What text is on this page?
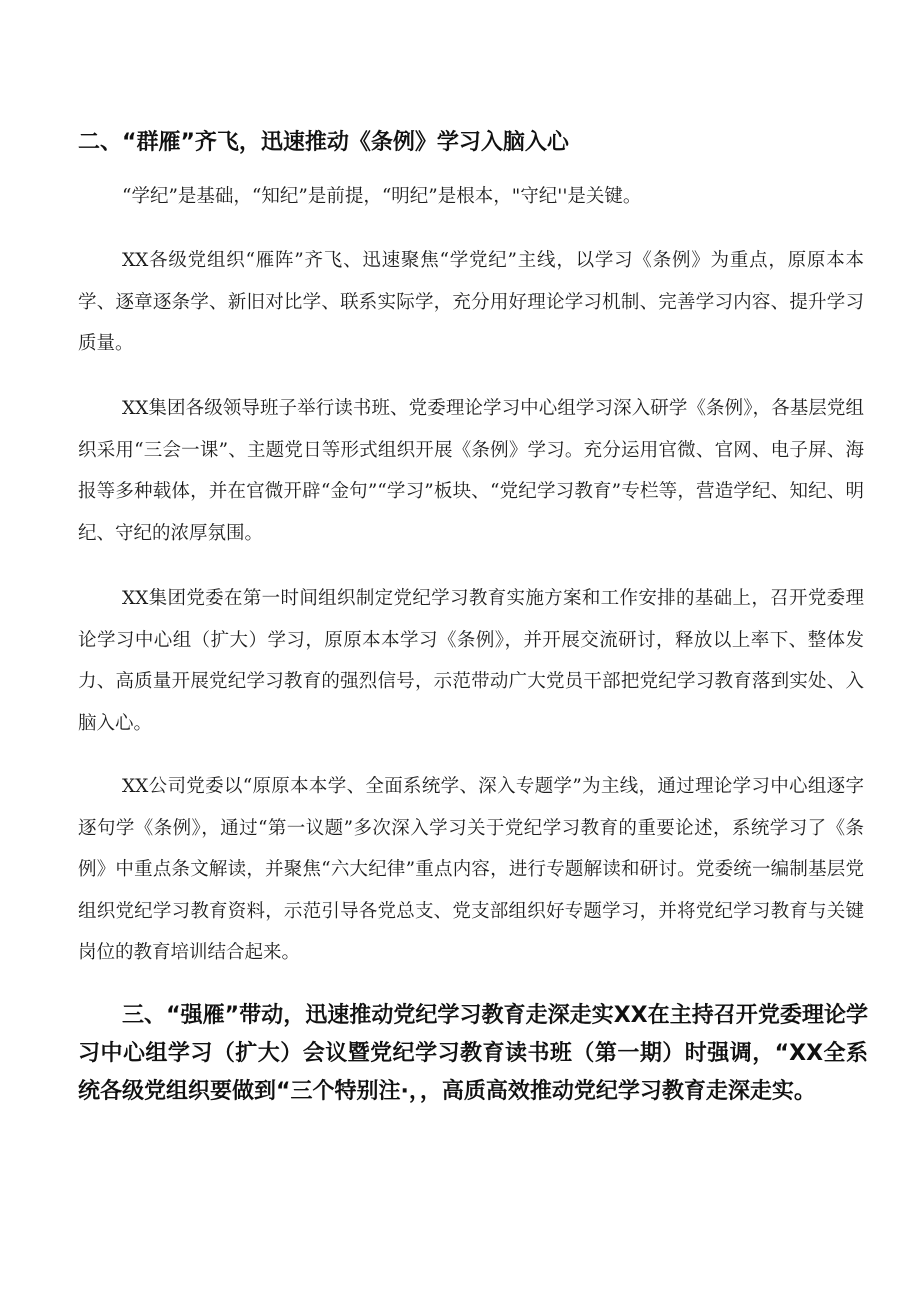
二、“群雁”齐飞，迅速推动《条例》学习入脑入心

“学纪”是基础，“知纪”是前提，“明纪”是根本，"守纪''是关键。

XX各级党组织“雁阵”齐飞、迅速聚焦“学党纪”主线，以学习《条例》为重点，原原本本学、逐章逐条学、新旧对比学、联系实际学，充分用好理论学习机制、完善学习内容、提升学习质量。

XX集团各级领导班子举行读书班、党委理论学习中心组学习深入研学《条例》，各基层党组织采用“三会一课”、主题党日等形式组织开展《条例》学习。充分运用官微、官网、电子屏、海报等多种载体，并在官微开辟“金句”“学习”板块、“党纪学习教育”专栏等，营造学纪、知纪、明纪、守纪的浓厚氛围。

XX集团党委在第一时间组织制定党纪学习教育实施方案和工作安排的基础上，召开党委理论学习中心组（扩大）学习，原原本本学习《条例》，并开展交流研讨，释放以上率下、整体发力、高质量开展党纪学习教育的强烈信号，示范带动广大党员干部把党纪学习教育落到实处、入脑入心。

XX公司党委以“原原本本学、全面系统学、深入专题学”为主线，通过理论学习中心组逐字逐句学《条例》，通过“第一议题”多次深入学习关于党纪学习教育的重要论述，系统学习了《条例》中重点条文解读，并聚焦“六大纪律”重点内容，进行专题解读和研讨。党委统一编制基层党组织党纪学习教育资料，示范引导各党总支、党支部组织好专题学习，并将党纪学习教育与关键岗位的教育培训结合起来。

三、“强雁”带动，迅速推动党纪学习教育走深走实XX在主持召开党委理论学习中心组学习（扩大）会议暨党纪学习教育读书班（第一期）时强调，“XX全系统各级党组织要做到“三个特别注·，，高质高效推动党纪学习教育走深走实。
